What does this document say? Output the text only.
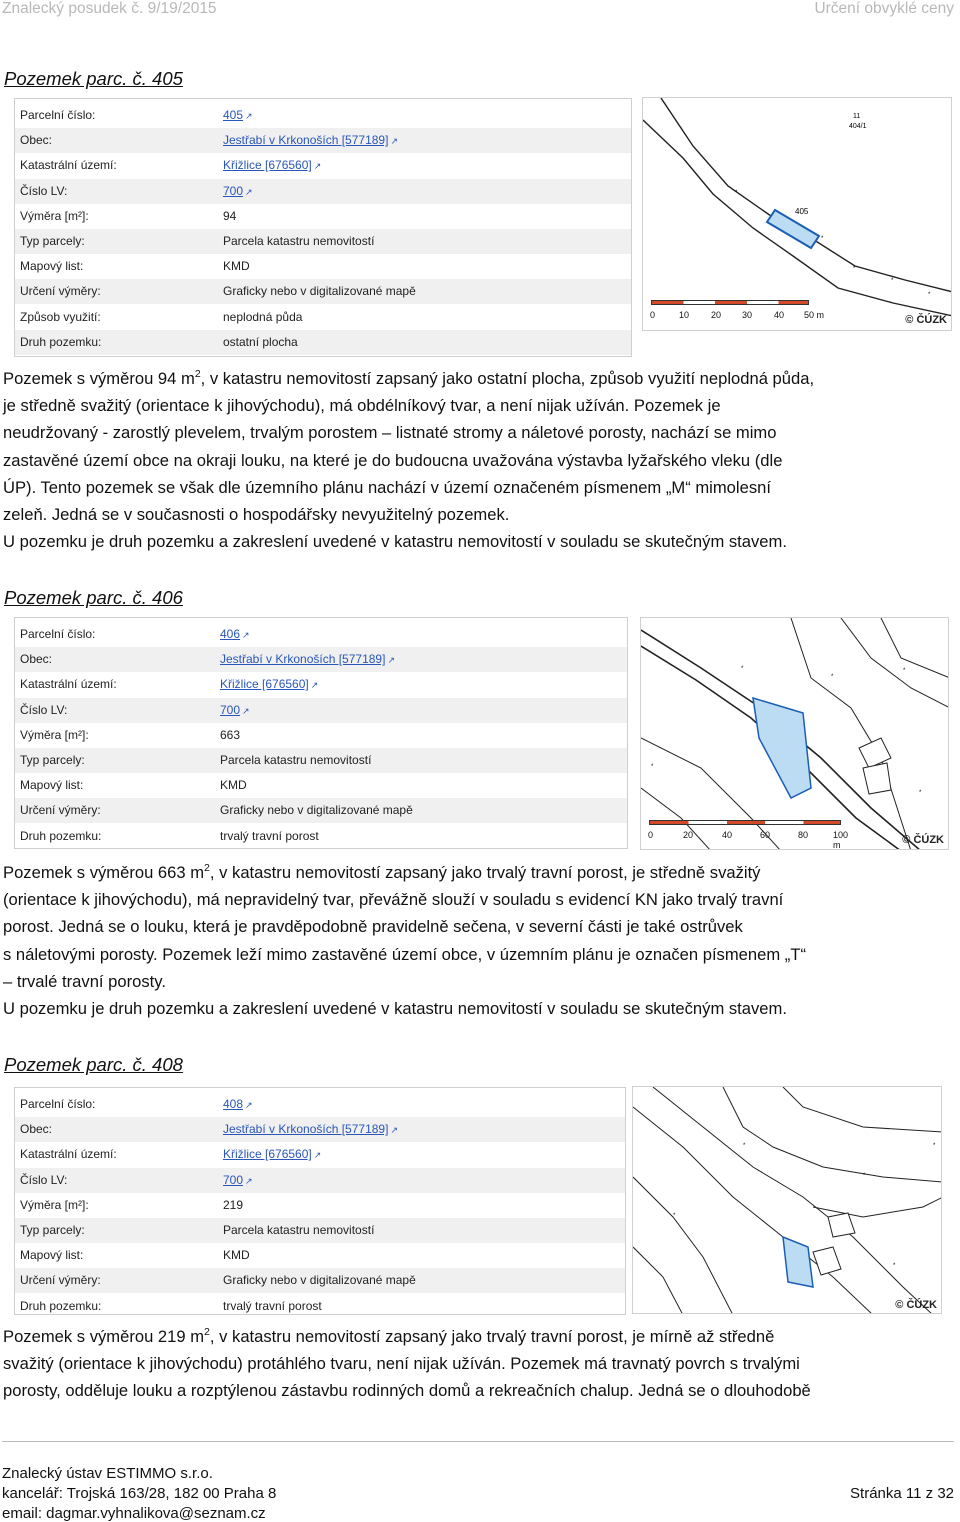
Znalecký posudek č. 9/19/2015	Určení obvyklé ceny
Pozemek parc. č. 405
Parcelní číslo:	405 ↗
Obec:	Jestřabí v Krkonoších [577189] ↗
Katastrální území:	Křižlice [676560] ↗
Číslo LV:	700 ↗
Výměra [m²]:	94
Typ parcely:	Parcela katastru nemovitostí
Mapový list:	KMD
Určení výměry:	Graficky nebo v digitalizované mapě
Způsob využití:	neplodná půda
Druh pozemku:	ostatní plocha
405
11
404/1
*
*
*
*
*
0	10 20 30 40 50 m	© ČÚZK

Pozemek s výměrou 94 $m^2$, v katastru nemovitostí zapsaný jako ostatní plocha, způsob využití neplodná půda,

je středně svažitý (orientace k jihovýchodu), má obdélníkový tvar, a není nijak užíván. Pozemek je

neudržovaný - zarostlý plevelem, trvalým porostem – listnaté stromy a náletové porosty, nachází se mimo

zastavěné území obce na okraji louku, na které je do budoucna uvažována výstavba lyžařského vleku (dle

ÚP). Tento pozemek se však dle územního plánu nachází v území označeném písmenem „M“ mimolesní

zeleň. Jedná se v současnosti o hospodářsky nevyužitelný pozemek.

U pozemku je druh pozemku a zakreslení uvedené v katastru nemovitostí v souladu se skutečným stavem.

Pozemek parc. č. 406
Parcelní číslo:	406 ↗
Obec:	Jestřabí v Krkonoších [577189] ↗
Katastrální území:	Křižlice [676560] ↗
Číslo LV:	700 ↗
Výměra [m²]:	663
Typ parcely:	Parcela katastru nemovitostí
Mapový list:	KMD
Určení výměry:	Graficky nebo v digitalizované mapě
Druh pozemku:	trvalý travní porost
*
*
*
*
*
0	20	40	60	80	100 m	© ČÚZK

Pozemek s výměrou 663 $m^2$, v katastru nemovitostí zapsaný jako trvalý travní porost, je středně svažitý

(orientace k jihovýchodu), má nepravidelný tvar, převážně slouží v souladu s evidencí KN jako trvalý travní

porost. Jedná se o louku, která je pravděpodobně pravidelně sečena, v severní části je také ostrůvek

s náletovými porosty. Pozemek leží mimo zastavěné území obce, v územním plánu je označen písmenem „T“

– trvalé travní porosty.

U pozemku je druh pozemku a zakreslení uvedené v katastru nemovitostí v souladu se skutečným stavem.

Pozemek parc. č. 408
Parcelní číslo:	408 ↗
Obec:	Jestřabí v Krkonoších [577189] ↗
Katastrální území:	Křižlice [676560] ↗
Číslo LV:	700 ↗
Výměra [m²]:	219
Typ parcely:	Parcela katastru nemovitostí
Mapový list:	KMD
Určení výměry:	Graficky nebo v digitalizované mapě
Druh pozemku:	trvalý travní porost
*
*
*
*
*
© ČÚZK

Pozemek s výměrou 219 $m^2$, v katastru nemovitostí zapsaný jako trvalý travní porost, je mírně až středně

svažitý (orientace k jihovýchodu) protáhlého tvaru, není nijak užíván. Pozemek má travnatý povrch s trvalými

porosty, odděluje louku a rozptýlenou zástavbu rodinných domů a rekreačních chalup. Jedná se o dlouhodobě

Znalecký ústav ESTIMMO s.r.o.
kancelář: Trojská 163/28, 182 00 Praha 8
email: dagmar.vyhnalikova@seznam.cz
Stránka 11 z 32
